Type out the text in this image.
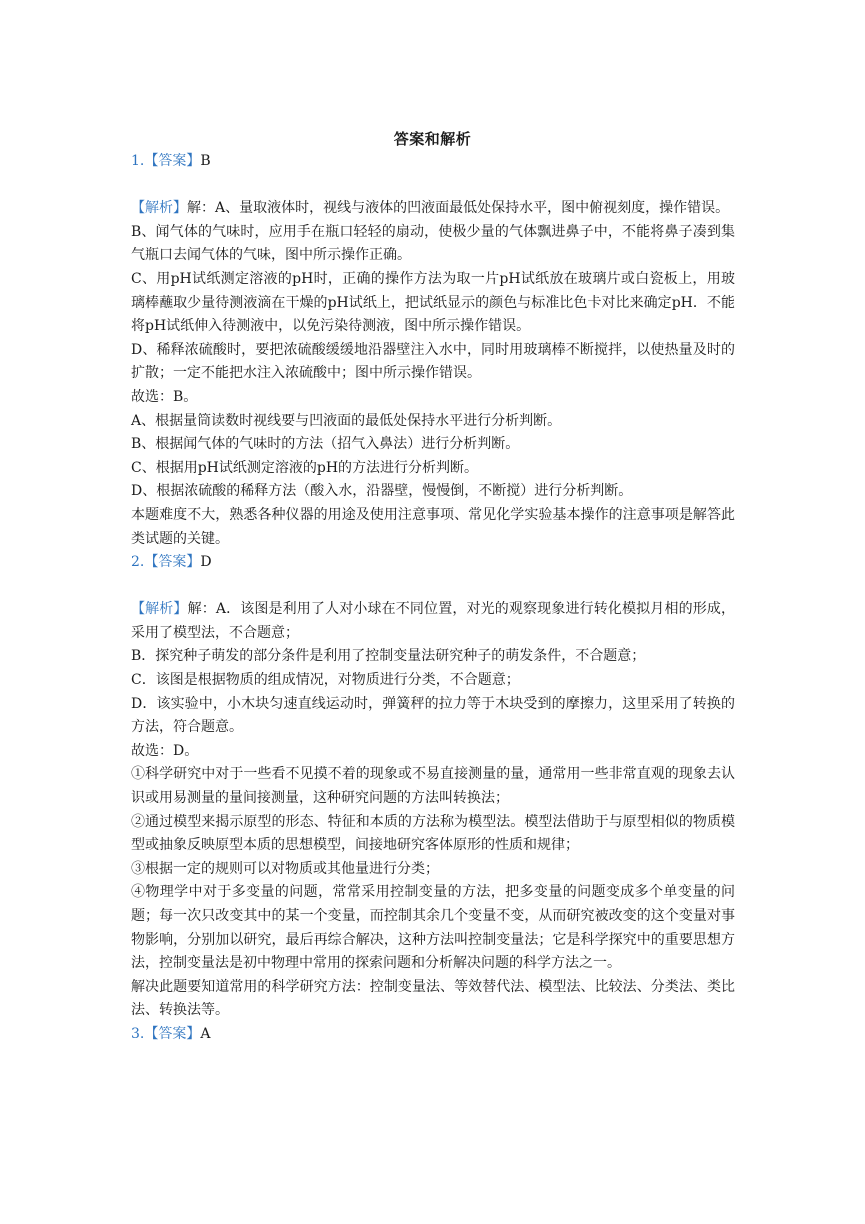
答案和解析

1.【答案】B

【解析】解：A、量取液体时，视线与液体的凹液面最低处保持水平，图中俯视刻度，操作错误。

B、闻气体的气味时，应用手在瓶口轻轻的扇动，使极少量的气体飘进鼻子中，不能将鼻子凑到集气瓶口去闻气体的气味，图中所示操作正确。

C、用pH试纸测定溶液的pH时，正确的操作方法为取一片pH试纸放在玻璃片或白瓷板上，用玻璃棒蘸取少量待测液滴在干燥的pH试纸上，把试纸显示的颜色与标准比色卡对比来确定pH．不能将pH试纸伸入待测液中，以免污染待测液，图中所示操作错误。

D、稀释浓硫酸时，要把浓硫酸缓缓地沿器壁注入水中，同时用玻璃棒不断搅拌，以使热量及时的扩散；一定不能把水注入浓硫酸中；图中所示操作错误。

故选：B。

A、根据量筒读数时视线要与凹液面的最低处保持水平进行分析判断。

B、根据闻气体的气味时的方法（招气入鼻法）进行分析判断。

C、根据用pH试纸测定溶液的pH的方法进行分析判断。

D、根据浓硫酸的稀释方法（酸入水，沿器壁，慢慢倒，不断搅）进行分析判断。

本题难度不大，熟悉各种仪器的用途及使用注意事项、常见化学实验基本操作的注意事项是解答此类试题的关键。

2.【答案】D

【解析】解：A．该图是利用了人对小球在不同位置，对光的观察现象进行转化模拟月相的形成，采用了模型法，不合题意；

B．探究种子萌发的部分条件是利用了控制变量法研究种子的萌发条件，不合题意；

C．该图是根据物质的组成情况，对物质进行分类，不合题意；

D．该实验中，小木块匀速直线运动时，弹簧秤的拉力等于木块受到的摩擦力，这里采用了转换的方法，符合题意。

故选：D。

①科学研究中对于一些看不见摸不着的现象或不易直接测量的量，通常用一些非常直观的现象去认识或用易测量的量间接测量，这种研究问题的方法叫转换法；

②通过模型来揭示原型的形态、特征和本质的方法称为模型法。模型法借助于与原型相似的物质模型或抽象反映原型本质的思想模型，间接地研究客体原形的性质和规律；

③根据一定的规则可以对物质或其他量进行分类；

④物理学中对于多变量的问题，常常采用控制变量的方法，把多变量的问题变成多个单变量的问题；每一次只改变其中的某一个变量，而控制其余几个变量不变，从而研究被改变的这个变量对事物影响，分别加以研究，最后再综合解决，这种方法叫控制变量法；它是科学探究中的重要思想方法，控制变量法是初中物理中常用的探索问题和分析解决问题的科学方法之一。

解决此题要知道常用的科学研究方法：控制变量法、等效替代法、模型法、比较法、分类法、类比法、转换法等。

3.【答案】A
